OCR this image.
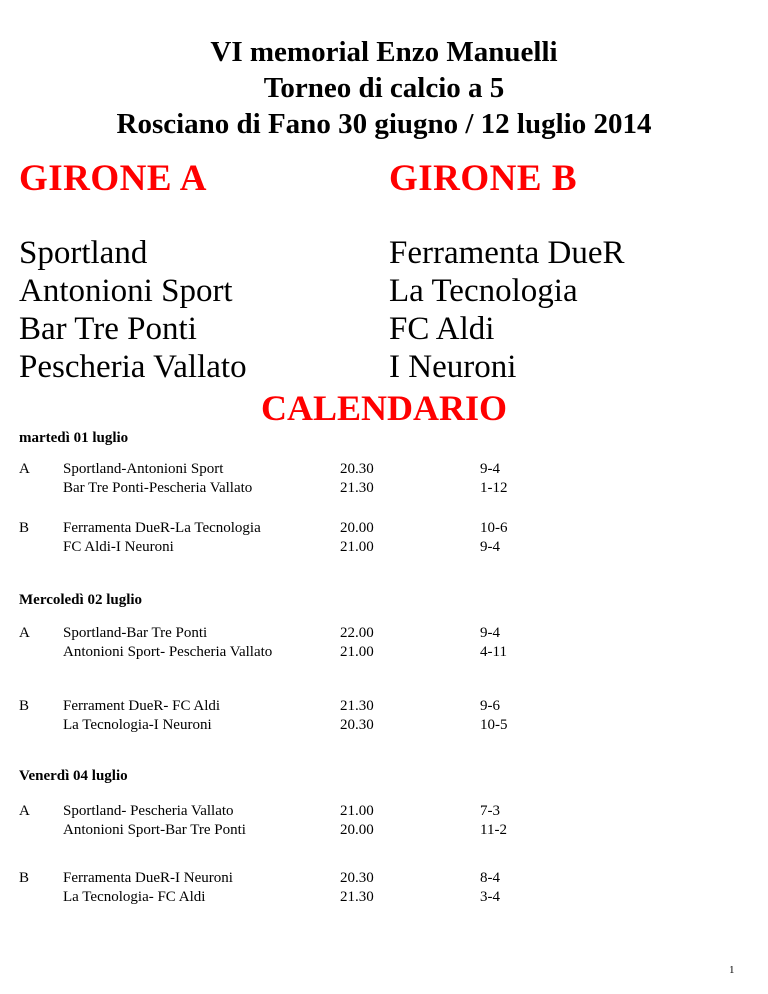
VI memorial Enzo Manuelli
Torneo di calcio a 5
Rosciano di Fano 30 giugno / 12 luglio 2014
GIRONE A	GIRONE B
Sportland
Antonioni Sport
Bar Tre Ponti
Pescheria Vallato
Ferramenta DueR
La Tecnologia
FC Aldi
I Neuroni
CALENDARIO
martedì 01 luglio
A Sportland-Antonioni Sport
Bar Tre Ponti-Pescheria Vallato
20.30
21.30
9-4
1-12
B Ferramenta DueR-La Tecnologia
FC Aldi-I Neuroni
20.00
21.00
10-6
9-4
Mercoledì 02 luglio
A Sportland-Bar Tre Ponti
Antonioni Sport- Pescheria Vallato
22.00
21.00
9-4
4-11
B Ferrament DueR- FC Aldi
La Tecnologia-I Neuroni
21.30
20.30
9-6
10-5
Venerdì 04 luglio
A Sportland- Pescheria Vallato
Antonioni Sport-Bar Tre Ponti
21.00
20.00
7-3
11-2
B Ferramenta DueR-I Neuroni
La Tecnologia- FC Aldi
20.30
21.30
8-4
3-4
1
